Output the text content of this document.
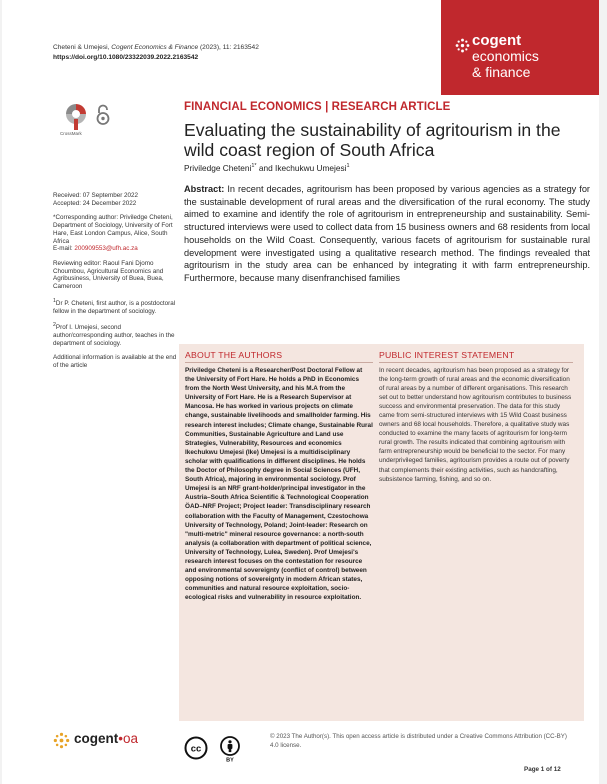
Cheteni & Umejesi, Cogent Economics & Finance (2023), 11: 2163542
https://doi.org/10.1080/23322039.2022.2163542
cogent
economics
& finance
CrossMark
FINANCIAL ECONOMICS | RESEARCH ARTICLE
Evaluating the sustainability of agritourism in the wild coast region of South Africa
Priviledge Cheteni$^{1*}$ and Ikechukwu Umejesi$^1$

Received: 07 September 2022
Accepted: 24 December 2022

*Corresponding author: Priviledge Cheteni, Department of Sociology, University of Fort Hare, East London Campus, Alice, South Africa
E-mail: 200909553@ufh.ac.za

Reviewing editor: Raoul Fani Djomo Choumbou, Agricultural Economics and Agribusiness, University of Buea, Buea, Cameroon

$^1$Dr P. Cheteni, first author, is a postdoctoral fellow in the department of sociology.

$^2$Prof I. Umejesi, second author/corresponding author, teaches in the department of sociology.

Additional information is available at the end of the article

Abstract: In recent decades, agritourism has been proposed by various agencies as a strategy for the sustainable development of rural areas and the diversification of the rural economy. The study aimed to examine and identify the role of agritourism in entrepreneurship and sustainability. Semi-structured interviews were used to collect data from 15 business owners and 68 residents from local households on the Wild Coast. Consequently, various facets of agritourism for sustainable rural development were investigated using a qualitative research method. The findings revealed that agritourism in the study area can be enhanced by integrating it with farm entrepreneurship. Furthermore, because many disenfranchised families
ABOUT THE AUTHORS
Priviledge Cheteni is a Researcher/Post Doctoral Fellow at the University of Fort Hare. He holds a PhD in Economics from the North West University, and his M.A from the University of Fort Hare. He is a Research Supervisor at Mancosa. He has worked in various projects on climate change, sustainable livelihoods and smallholder farming. His research interest includes; Climate change, Sustainable Rural Communities, Sustainable Agriculture and Land use Strategies, Vulnerability, Resources and economics Ikechukwu Umejesi (Ike) Umejesi is a multidisciplinary scholar with qualifications in different disciplines. He holds the Doctor of Philosophy degree in Social Sciences (UFH, South Africa), majoring in environmental sociology. Prof Umejesi is an NRF grant-holder/principal investigator in the Austria–South Africa Scientific & Technological Cooperation ÖAD–NRF Project; Project leader: Transdisciplinary research collaboration with the Faculty of Management, Czestochowa University of Technology, Poland; Joint-leader: Research on "multi-metric" mineral resource governance: a north-south analysis (a collaboration with department of political science, University of Technology, Lulea, Sweden). Prof Umejesi's research interest focuses on the contestation for resource and environmental sovereignty (conflict of control) between opposing notions of sovereignty in modern African states, communities and natural resource exploitation, socio-ecological risks and vulnerability in resource exploitation.
PUBLIC INTEREST STATEMENT
In recent decades, agritourism has been proposed as a strategy for the long-term growth of rural areas and the economic diversification of rural areas by a number of different organisations. This research set out to better understand how agritourism contributes to business success and environmental preservation. The data for this study came from semi-structured interviews with 15 Wild Coast business owners and 68 local households. Therefore, a qualitative study was conducted to examine the many facets of agritourism for long-term rural growth. The results indicated that combining agritourism with farm entrepreneurship would be beneficial to the sector. For many underprivileged families, agritourism provides a route out of poverty that complements their existing activities, such as handcrafting, subsistence farming, fishing, and so on.
cogent•oa
cc
BY
© 2023 The Author(s). This open access article is distributed under a Creative Commons Attribution (CC-BY) 4.0 license.
Page 1 of 12
